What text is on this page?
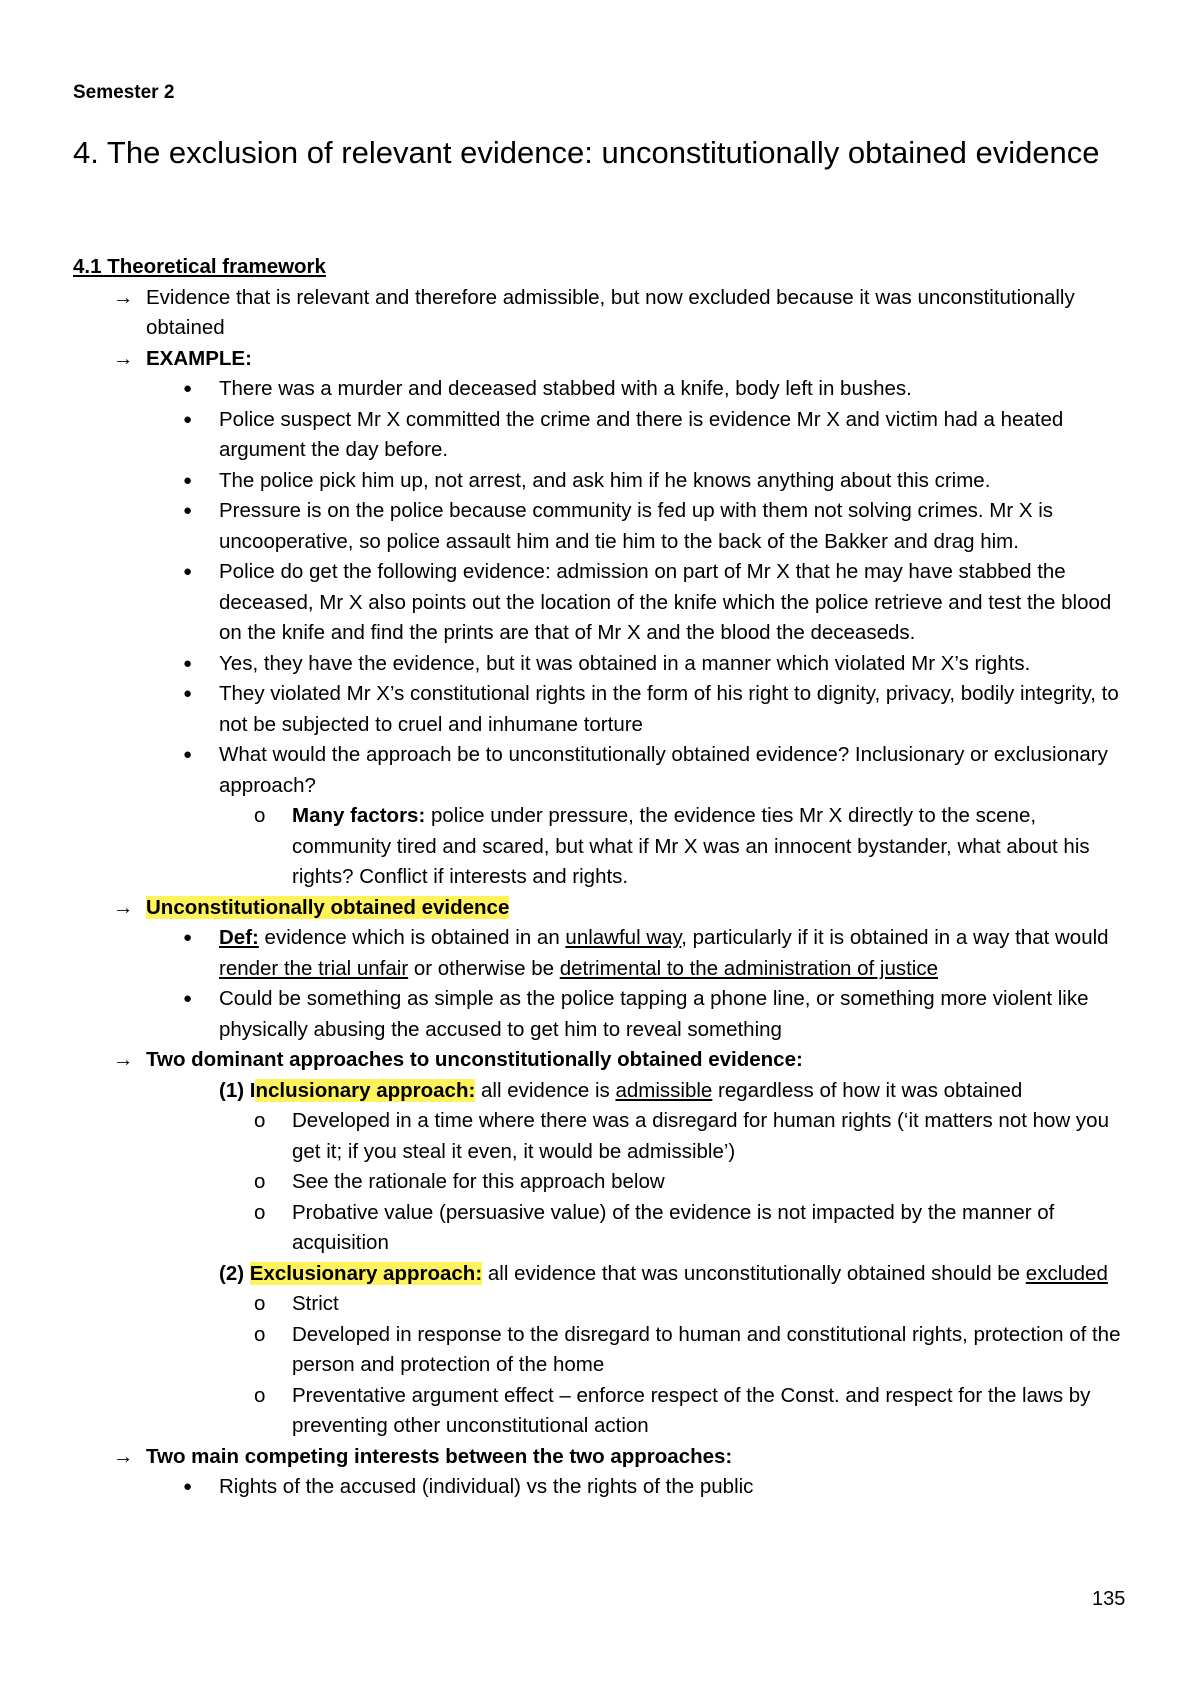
Semester 2
4. The exclusion of relevant evidence: unconstitutionally obtained evidence
4.1 Theoretical framework
→ Evidence that is relevant and therefore admissible, but now excluded because it was unconstitutionally obtained
→ EXAMPLE:
● There was a murder and deceased stabbed with a knife, body left in bushes.
● Police suspect Mr X committed the crime and there is evidence Mr X and victim had a heated argument the day before.
● The police pick him up, not arrest, and ask him if he knows anything about this crime.
● Pressure is on the police because community is fed up with them not solving crimes. Mr X is uncooperative, so police assault him and tie him to the back of the Bakker and drag him.
● Police do get the following evidence: admission on part of Mr X that he may have stabbed the deceased, Mr X also points out the location of the knife which the police retrieve and test the blood on the knife and find the prints are that of Mr X and the blood the deceaseds.
● Yes, they have the evidence, but it was obtained in a manner which violated Mr X’s rights.
● They violated Mr X’s constitutional rights in the form of his right to dignity, privacy, bodily integrity, to not be subjected to cruel and inhumane torture
● What would the approach be to unconstitutionally obtained evidence? Inclusionary or exclusionary approach?
o Many factors: police under pressure, the evidence ties Mr X directly to the scene, community tired and scared, but what if Mr X was an innocent bystander, what about his rights? Conflict if interests and rights.
→ Unconstitutionally obtained evidence
● Def: evidence which is obtained in an unlawful way, particularly if it is obtained in a way that would render the trial unfair or otherwise be detrimental to the administration of justice
● Could be something as simple as the police tapping a phone line, or something more violent like physically abusing the accused to get him to reveal something
→ Two dominant approaches to unconstitutionally obtained evidence:
(1) Inclusionary approach: all evidence is admissible regardless of how it was obtained
o Developed in a time where there was a disregard for human rights (‘it matters not how you get it; if you steal it even, it would be admissible’)
o See the rationale for this approach below
o Probative value (persuasive value) of the evidence is not impacted by the manner of acquisition
(2) Exclusionary approach: all evidence that was unconstitutionally obtained should be excluded
o Strict
o Developed in response to the disregard to human and constitutional rights, protection of the person and protection of the home
o Preventative argument effect – enforce respect of the Const. and respect for the laws by preventing other unconstitutional action
→ Two main competing interests between the two approaches:
● Rights of the accused (individual) vs the rights of the public
135
